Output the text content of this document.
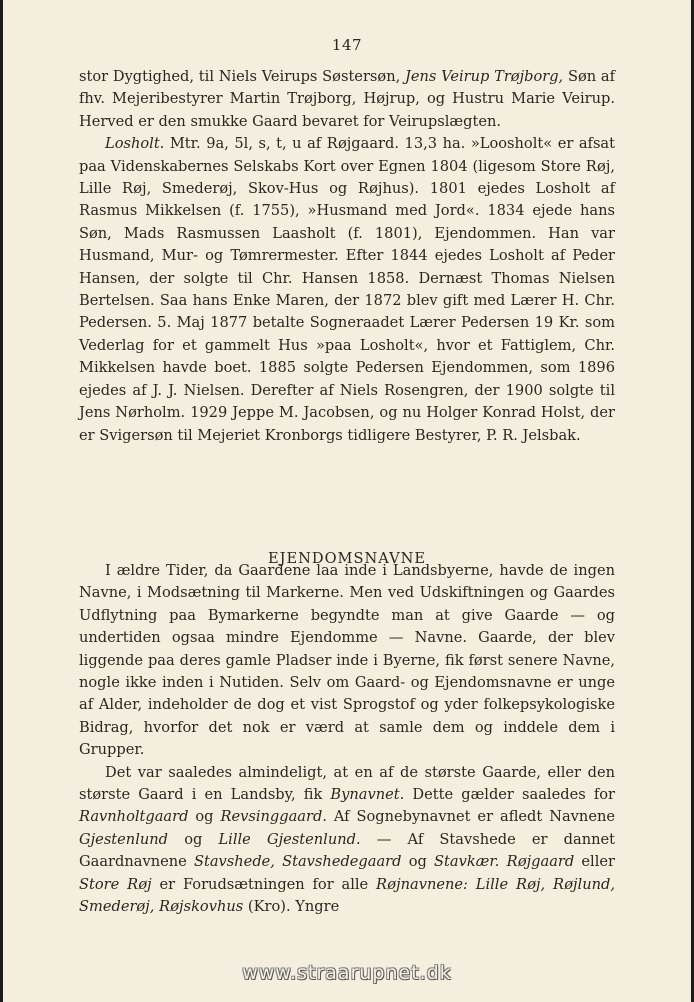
147

stor Dygtighed, til Niels Veirups Søstersøn, Jens Veirup Trøjborg, Søn af fhv. Mejeribestyrer Martin Trøjborg, Højrup, og Hustru Marie Veirup. Herved er den smukke Gaard bevaret for Veirupslægten.

Losholt. Mtr. 9a, 5l, s, t, u af Røjgaard. 13,3 ha. »Loosholt« er afsat paa Videnskabernes Selskabs Kort over Egnen 1804 (ligesom Store Røj, Lille Røj, Smederøj, Skov-Hus og Røjhus). 1801 ejedes Losholt af Rasmus Mikkelsen (f. 1755), »Husmand med Jord«. 1834 ejede hans Søn, Mads Rasmussen Laasholt (f. 1801), Ejendommen. Han var Husmand, Mur- og Tømrermester. Efter 1844 ejedes Losholt af Peder Hansen, der solgte til Chr. Hansen 1858. Dernæst Thomas Nielsen Bertelsen. Saa hans Enke Maren, der 1872 blev gift med Lærer H. Chr. Pedersen. 5. Maj 1877 betalte Sogneraadet Lærer Pedersen 19 Kr. som Vederlag for et gammelt Hus »paa Losholt«, hvor et Fattiglem, Chr. Mikkelsen havde boet. 1885 solgte Pedersen Ejendommen, som 1896 ejedes af J. J. Nielsen. Derefter af Niels Rosengren, der 1900 solgte til Jens Nørholm. 1929 Jeppe M. Jacobsen, og nu Holger Konrad Holst, der er Svigersøn til Mejeriet Kronborgs tidligere Bestyrer, P. R. Jelsbak.

EJENDOMSNAVNE

I ældre Tider, da Gaardene laa inde i Landsbyerne, havde de ingen Navne, i Modsætning til Markerne. Men ved Udskiftningen og Gaardes Udflytning paa Bymarkerne begyndte man at give Gaarde — og undertiden ogsaa mindre Ejendomme — Navne. Gaarde, der blev liggende paa deres gamle Pladser inde i Byerne, fik først senere Navne, nogle ikke inden i Nutiden. Selv om Gaard- og Ejendomsnavne er unge af Alder, indeholder de dog et vist Sprogstof og yder folkepsykologiske Bidrag, hvorfor det nok er værd at samle dem og inddele dem i Grupper.

Det var saaledes almindeligt, at en af de største Gaarde, eller den største Gaard i en Landsby, fik Bynavnet. Dette gælder saaledes for Ravnholtgaard og Revsinggaard. Af Sognebynavnet er afledt Navnene Gjestenlund og Lille Gjestenlund. — Af Stavshede er dannet Gaardnavnene Stavshede, Stavshedegaard og Stavkær. Røjgaard eller Store Røj er Forudsætningen for alle Røjnavnene: Lille Røj, Røjlund, Smederøj, Røjskovhus (Kro). Yngre

www.straarupnet.dk
